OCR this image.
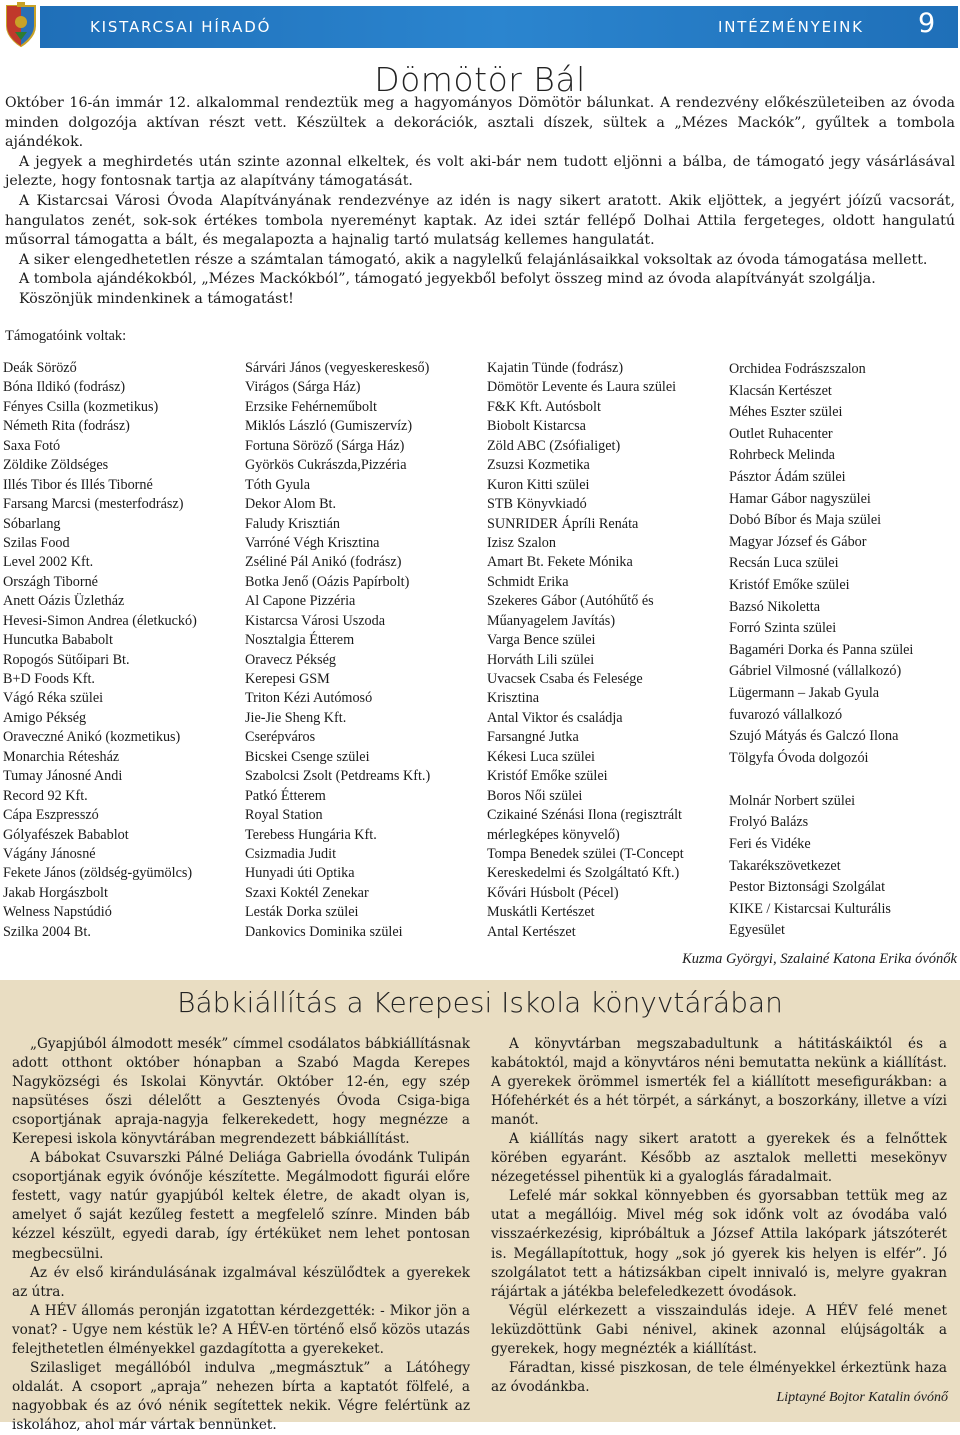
KISTARCSAI HÍRADÓ	INTÉZMÉNYEINK 9
Dömötör Bál

Október 16-án immár 12. alkalommal rendeztük meg a hagyományos Dömötör bálunkat. A rendezvény előkészületeiben az óvoda minden dolgozója aktívan részt vett. Készültek a dekorációk, asztali díszek, sültek a „Mézes Mackók”, gyűltek a tombola ajándékok.

A jegyek a meghirdetés után szinte azonnal elkeltek, és volt aki-bár nem tudott eljönni a bálba, de támogató jegy vásárlásával jelezte, hogy fontosnak tartja az alapítvány támogatását.

A Kistarcsai Városi Óvoda Alapítványának rendezvénye az idén is nagy sikert aratott. Akik eljöttek, a jegyért jóízű vacsorát, hangulatos zenét, sok-sok értékes tombola nyereményt kaptak. Az idei sztár fellépő Dolhai Attila fergeteges, oldott hangulatú műsorral támogatta a bált, és megalapozta a hajnalig tartó mulatság kellemes hangulatát.

A siker elengedhetetlen része a számtalan támogató, akik a nagylelkű felajánlásaikkal voksoltak az óvoda támogatása mellett.

A tombola ajándékokból, „Mézes Mackókból”, támogató jegyekből befolyt összeg mind az óvoda alapítványát szolgálja.

Köszönjük mindenkinek a támogatást!

Támogatóink voltak:
Deák Söröző
Bóna Ildikó (fodrász)
Fényes Csilla (kozmetikus)
Németh Rita (fodrász)
Saxa Fotó
Zöldike Zöldséges
Illés Tibor és Illés Tiborné
Farsang Marcsi (mesterfodrász)
Sóbarlang
Szilas Food
Level 2002 Kft.
Országh Tiborné
Anett Oázis Üzletház
Hevesi-Simon Andrea (életkuckó)
Huncutka Bababolt
Ropogós Sütőipari Bt.
B+D Foods Kft.
Vágó Réka szülei
Amigo Pékség
Oraveczné Anikó (kozmetikus)
Monarchia Rétesház
Tumay Jánosné Andi
Record 92 Kft.
Cápa Eszpresszó
Gólyafészek Babablot
Vágány Jánosné
Fekete János (zöldség-gyümölcs)
Jakab Horgászbolt
Welness Napstúdió
Szilka 2004 Bt.
Sárvári János (vegyeskereskeső)
Virágos (Sárga Ház)
Erzsike Fehérneműbolt
Miklós László (Gumiszervíz)
Fortuna Söröző (Sárga Ház)
Györkös Cukrászda,Pizzéria
Tóth Gyula
Dekor Alom Bt.
Faludy Krisztián
Varróné Végh Krisztina
Zséliné Pál Anikó (fodrász)
Botka Jenő (Oázis Papírbolt)
Al Capone Pizzéria
Kistarcsa Városi Uszoda
Nosztalgia Étterem
Oravecz Pékség
Kerepesi GSM
Triton Kézi Autómosó
Jie-Jie Sheng Kft.
Cserépváros
Bicskei Csenge szülei
Szabolcsi Zsolt (Petdreams Kft.)
Patkó Étterem
Royal Station
Terebess Hungária Kft.
Csizmadia Judit
Hunyadi úti Optika
Szaxi Koktél Zenekar
Lesták Dorka szülei
Dankovics Dominika szülei
Kajatin Tünde (fodrász)
Dömötör Levente és Laura szülei
F&K Kft. Autósbolt
Biobolt Kistarcsa
Zöld ABC (Zsófialiget)
Zsuzsi Kozmetika
Kuron Kitti szülei
STB Könyvkiadó
SUNRIDER Ápríli Renáta
Izisz Szalon
Amart Bt. Fekete Mónika
Schmidt Erika
Szekeres Gábor (Autóhűtő és
Műanyagelem Javítás)
Varga Bence szülei
Horváth Lili szülei
Uvacsek Csaba és Felesége
Krisztina
Antal Viktor és családja
Farsangné Jutka
Kékesi Luca szülei
Kristóf Emőke szülei
Boros Női szülei
Czikainé Szénási Ilona (regisztrált
mérlegképes könyvelő)
Tompa Benedek szülei (T-Concept
Kereskedelmi és Szolgáltató Kft.)
Kővári Húsbolt (Pécel)
Muskátli Kertészet
Antal Kertészet
Orchidea Fodrászszalon
Klacsán Kertészet
Méhes Eszter szülei
Outlet Ruhacenter
Rohrbeck Melinda
Pásztor Ádám szülei
Hamar Gábor nagyszülei
Dobó Bíbor és Maja szülei
Magyar József és Gábor
Recsán Luca szülei
Kristóf Emőke szülei
Bazsó Nikoletta
Forró Szinta szülei
Bagaméri Dorka és Panna szülei
Gábriel Vilmosné (vállalkozó)
Lügermann – Jakab Gyula
fuvarozó vállalkozó
Szujó Mátyás és Galczó Ilona
Tölgyfa Óvoda dolgozói
Molnár Norbert szülei
Frolyó Balázs
Feri és Vidéke
Takarékszövetkezet
Pestor Biztonsági Szolgálat
KIKE / Kistarcsai Kulturális
Egyesület
Kuzma Györgyi, Szalainé Katona Erika óvónők
Bábkiállítás a Kerepesi Iskola könyvtárában

„Gyapjúból álmodott mesék” címmel csodálatos bábkiállításnak adott otthont október hónapban a Szabó Magda Kerepes Nagyközségi és Iskolai Könyvtár. Október 12-én, egy szép napsütéses őszi délelőtt a Gesztenyés Óvoda Csiga-biga csoportjának apraja-nagyja felkerekedett, hogy megnézze a Kerepesi iskola könyvtárában megrendezett bábkiállítást.

A bábokat Csuvarszki Pálné Deliága Gabriella óvodánk Tulipán csoportjának egyik óvónője készítette. Megálmodott figurái előre festett, vagy natúr gyapjúból keltek életre, de akadt olyan is, amelyet ő saját kezűleg festett a megfelelő színre. Minden báb kézzel készült, egyedi darab, így értéküket nem lehet pontosan megbecsülni.

Az év első kirándulásának izgalmával készülődtek a gyerekek az útra.

A HÉV állomás peronján izgatottan kérdezgették: - Mikor jön a vonat? - Ugye nem késtük le? A HÉV-en történő első közös utazás felejthetetlen élményekkel gazdagította a gyerekeket.

Szilasliget megállóból indulva „megmásztuk” a Látóhegy oldalát. A csoport „apraja” nehezen bírta a kaptatót fölfelé, a nagyobbak és az óvó nénik segítettek nekik. Végre felértünk az iskolához, ahol már vártak bennünket.

A könyvtárban megszabadultunk a hátitáskáiktól és a kabátoktól, majd a könyvtáros néni bemutatta nekünk a kiállítást. A gyerekek örömmel ismerték fel a kiállított mesefigurákban: a Hófehérkét és a hét törpét, a sárkányt, a boszorkány, illetve a vízi manót.

A kiállítás nagy sikert aratott a gyerekek és a felnőttek körében egyaránt. Később az asztalok melletti mesekönyv nézegetéssel pihentük ki a gyaloglás fáradalmait.

Lefelé már sokkal könnyebben és gyorsabban tettük meg az utat a megállóig. Mivel még sok időnk volt az óvodába való visszaérkezésig, kipróbáltuk a József Attila lakópark játszóterét is. Megállapítottuk, hogy „sok jó gyerek kis helyen is elfér”. Jó szolgálatot tett a hátizsákban cipelt innivaló is, melyre gyakran rájártak a játékba belefeledkezett óvodások.

Végül elérkezett a visszaindulás ideje. A HÉV felé menet leküzdöttünk Gabi nénivel, akinek azonnal elújságolták a gyerekek, hogy megnézték a kiállítást.

Fáradtan, kissé piszkosan, de tele élményekkel érkeztünk haza az óvodánkba.

Liptayné Bojtor Katalin óvónő
